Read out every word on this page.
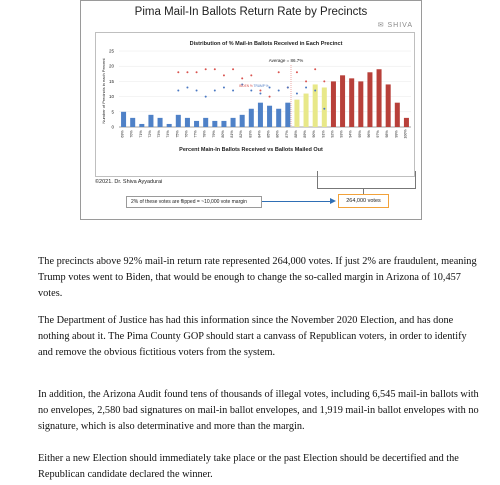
Pima Mail-In Ballots Return Rate by Precincts
✉ SHIVA
Distribution of % Mail-in Ballots Received in Each Precinct
Number of Precincts in each Percent
0
5
10
15
20
25
69% 70% 71% 72% 73% 74% 75% 76% 77% 78% 79% 80% 81% 82% 83% 84% 85% 86% 87% 88% 89% 90% 91% 92% 93% 94% 95% 96% 97% 98% 99% 100%
Average = 86.7%
BIDEN % TRUMP %
Percent Main-In Ballots Received vs Ballots Mailed Out
©2021. Dr. Shiva Ayyadurai
2% of these votes are flipped = ~10,000 vote margin	264,000 votes

The precincts above 92% mail-in return rate represented 264,000 votes. If just 2% are fraudulent, meaning Trump votes went to Biden, that would be enough to change the so-called margin in Arizona of 10,457 votes.

The Department of Justice has had this information since the November 2020 Election, and has done nothing about it. The Pima County GOP should start a canvass of Republican voters, in order to identify and remove the obvious fictitious voters from the system.

In addition, the Arizona Audit found tens of thousands of illegal votes, including 6,545 mail-in ballots with no envelopes, 2,580 bad signatures on mail-in ballot envelopes, and 1,919 mail-in ballot envelopes with no signature, which is also determinative and more than the margin.

Either a new Election should immediately take place or the past Election should be decertified and the Republican candidate declared the winner.
